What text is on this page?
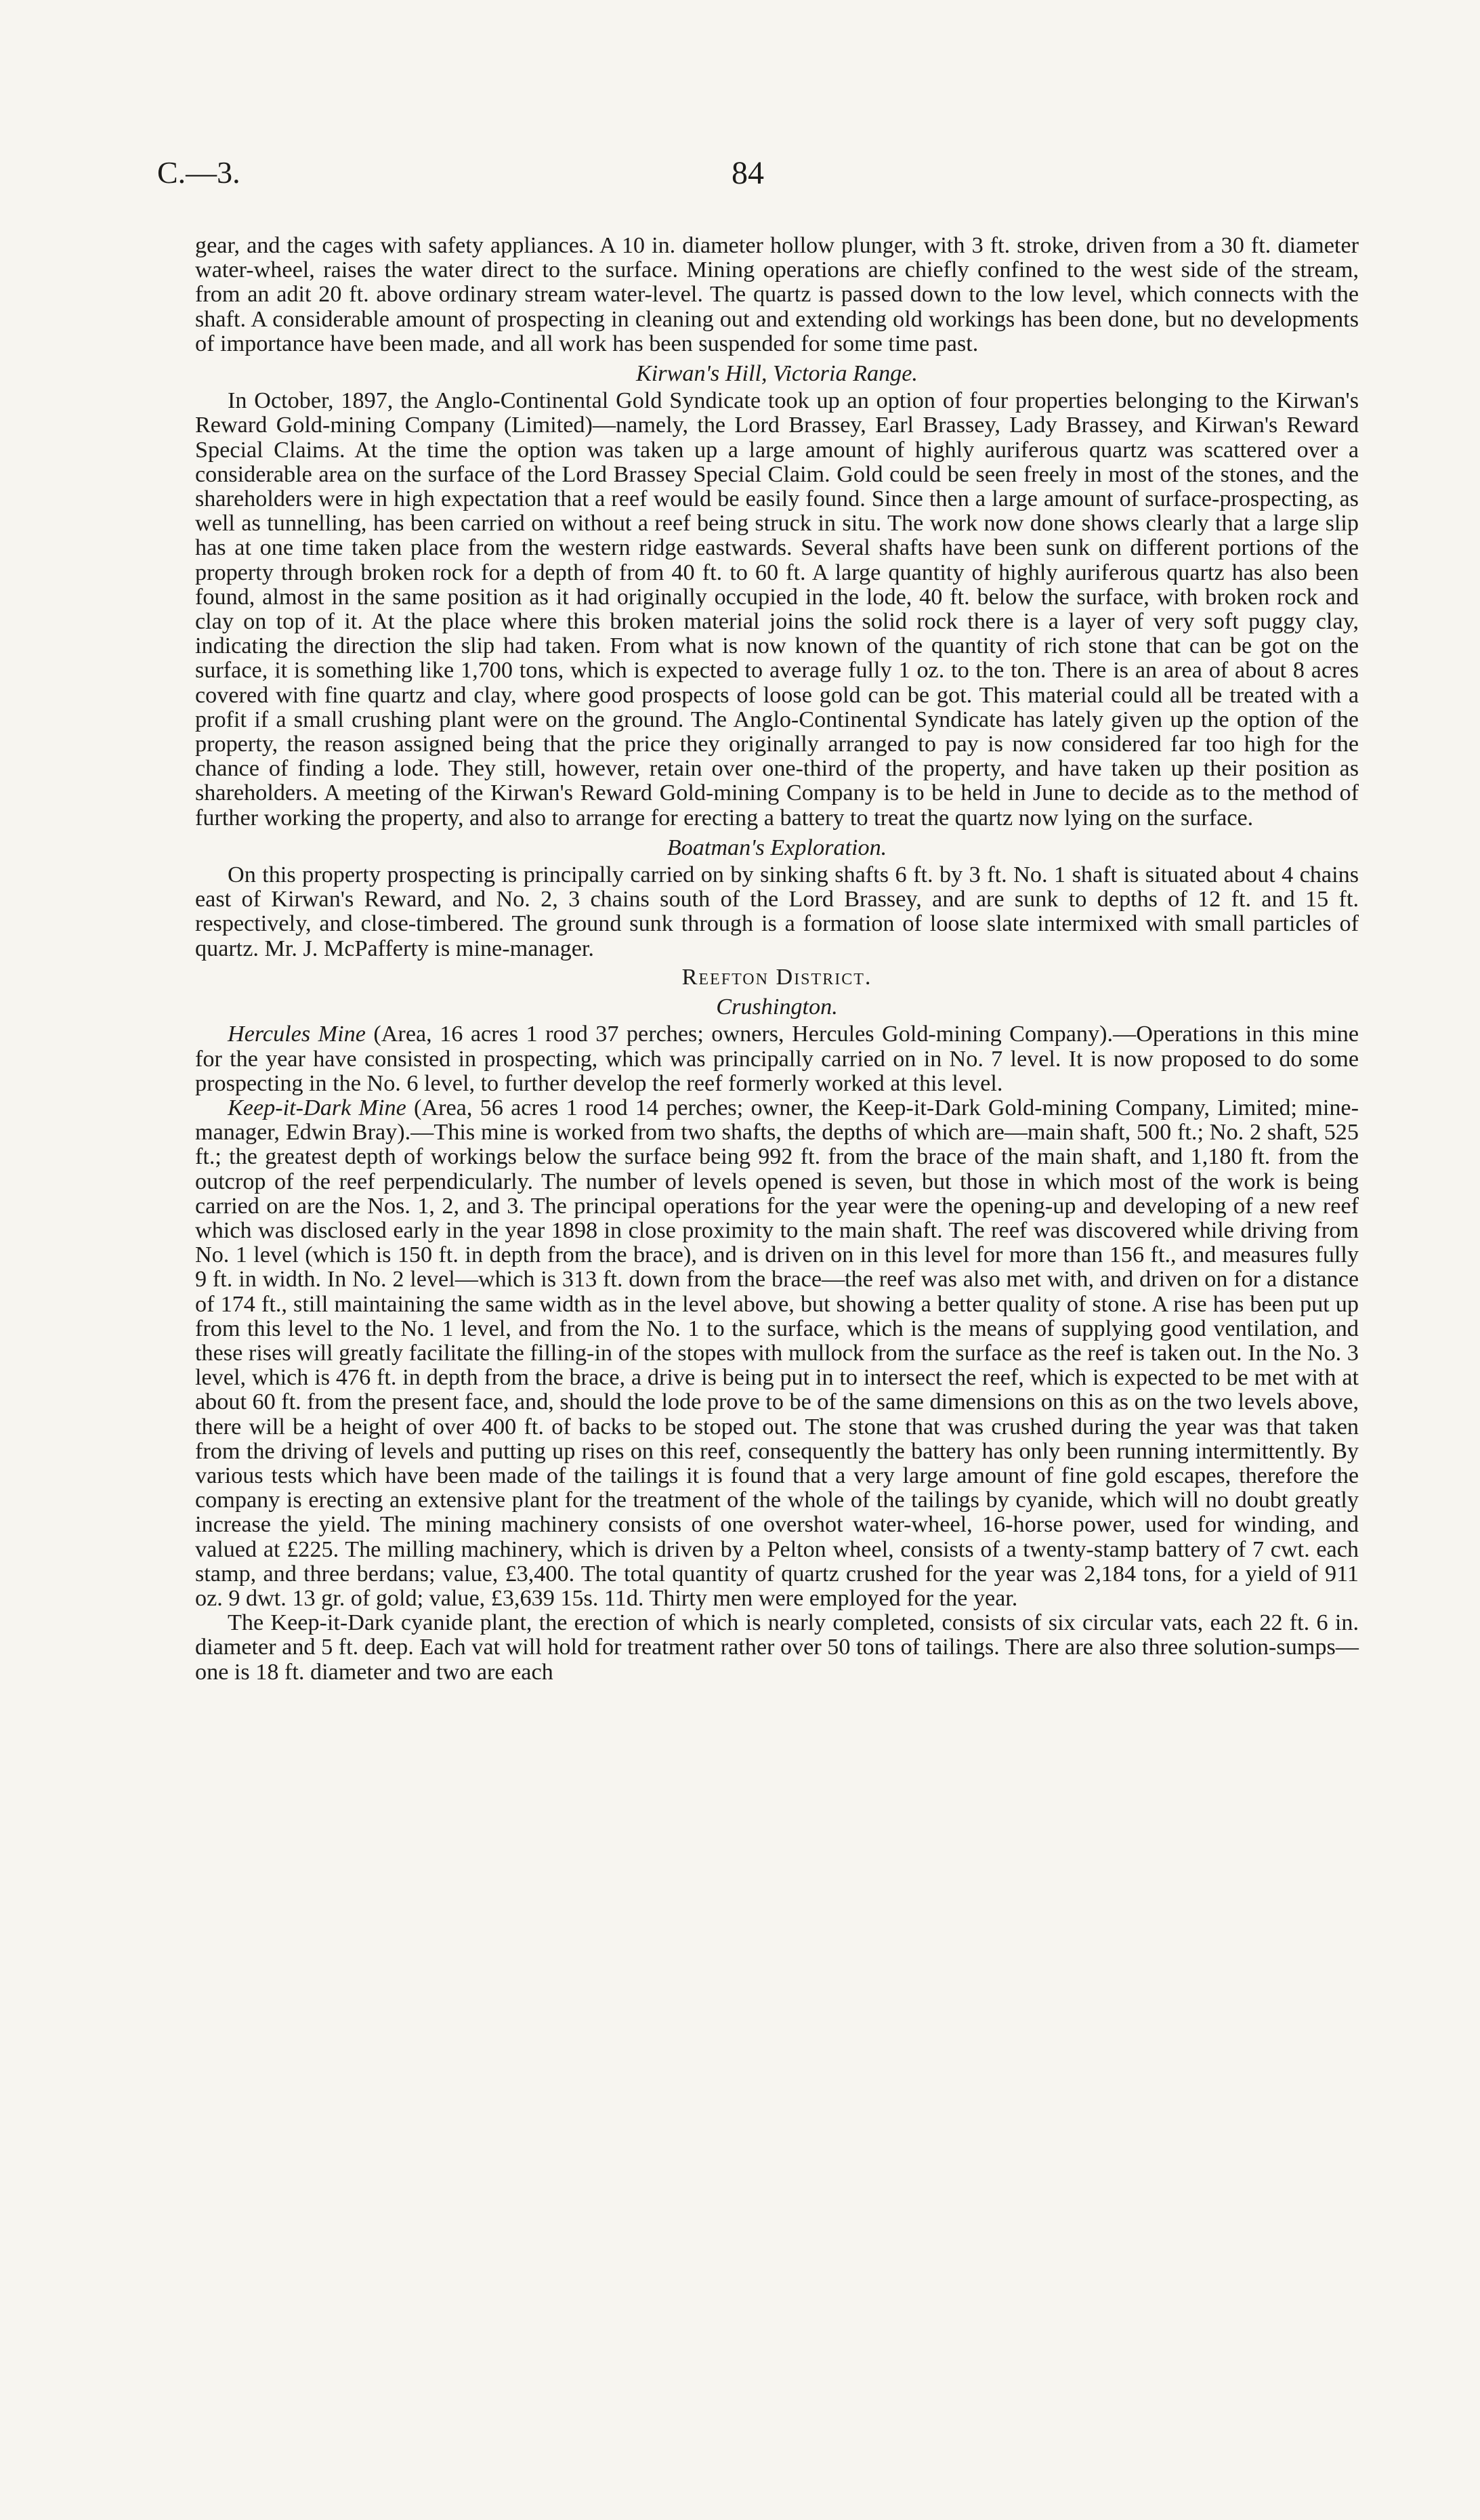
C.—3.	84

gear, and the cages with safety appliances. A 10 in. diameter hollow plunger, with 3 ft. stroke, driven from a 30 ft. diameter water-wheel, raises the water direct to the surface. Mining operations are chiefly confined to the west side of the stream, from an adit 20 ft. above ordinary stream water-level. The quartz is passed down to the low level, which connects with the shaft. A considerable amount of prospecting in cleaning out and extending old workings has been done, but no developments of importance have been made, and all work has been suspended for some time past.

Kirwan's Hill, Victoria Range.

In October, 1897, the Anglo-Continental Gold Syndicate took up an option of four properties belonging to the Kirwan's Reward Gold-mining Company (Limited)—namely, the Lord Brassey, Earl Brassey, Lady Brassey, and Kirwan's Reward Special Claims. At the time the option was taken up a large amount of highly auriferous quartz was scattered over a considerable area on the surface of the Lord Brassey Special Claim. Gold could be seen freely in most of the stones, and the shareholders were in high expectation that a reef would be easily found. Since then a large amount of surface-prospecting, as well as tunnelling, has been carried on without a reef being struck in situ. The work now done shows clearly that a large slip has at one time taken place from the western ridge eastwards. Several shafts have been sunk on different portions of the property through broken rock for a depth of from 40 ft. to 60 ft. A large quantity of highly auriferous quartz has also been found, almost in the same position as it had originally occupied in the lode, 40 ft. below the surface, with broken rock and clay on top of it. At the place where this broken material joins the solid rock there is a layer of very soft puggy clay, indicating the direction the slip had taken. From what is now known of the quantity of rich stone that can be got on the surface, it is something like 1,700 tons, which is expected to average fully 1 oz. to the ton. There is an area of about 8 acres covered with fine quartz and clay, where good prospects of loose gold can be got. This material could all be treated with a profit if a small crushing plant were on the ground. The Anglo-Continental Syndicate has lately given up the option of the property, the reason assigned being that the price they originally arranged to pay is now considered far too high for the chance of finding a lode. They still, however, retain over one-third of the property, and have taken up their position as shareholders. A meeting of the Kirwan's Reward Gold-mining Company is to be held in June to decide as to the method of further working the property, and also to arrange for erecting a battery to treat the quartz now lying on the surface.

Boatman's Exploration.

On this property prospecting is principally carried on by sinking shafts 6 ft. by 3 ft. No. 1 shaft is situated about 4 chains east of Kirwan's Reward, and No. 2, 3 chains south of the Lord Brassey, and are sunk to depths of 12 ft. and 15 ft. respectively, and close-timbered. The ground sunk through is a formation of loose slate intermixed with small particles of quartz. Mr. J. McPafferty is mine-manager.

Reefton District.
Crushington.

Hercules Mine (Area, 16 acres 1 rood 37 perches; owners, Hercules Gold-mining Company).—Operations in this mine for the year have consisted in prospecting, which was principally carried on in No. 7 level. It is now proposed to do some prospecting in the No. 6 level, to further develop the reef formerly worked at this level.

Keep-it-Dark Mine (Area, 56 acres 1 rood 14 perches; owner, the Keep-it-Dark Gold-mining Company, Limited; mine-manager, Edwin Bray).—This mine is worked from two shafts, the depths of which are—main shaft, 500 ft.; No. 2 shaft, 525 ft.; the greatest depth of workings below the surface being 992 ft. from the brace of the main shaft, and 1,180 ft. from the outcrop of the reef perpendicularly. The number of levels opened is seven, but those in which most of the work is being carried on are the Nos. 1, 2, and 3. The principal operations for the year were the opening-up and developing of a new reef which was disclosed early in the year 1898 in close proximity to the main shaft. The reef was discovered while driving from No. 1 level (which is 150 ft. in depth from the brace), and is driven on in this level for more than 156 ft., and measures fully 9 ft. in width. In No. 2 level—which is 313 ft. down from the brace—the reef was also met with, and driven on for a distance of 174 ft., still maintaining the same width as in the level above, but showing a better quality of stone. A rise has been put up from this level to the No. 1 level, and from the No. 1 to the surface, which is the means of supplying good ventilation, and these rises will greatly facilitate the filling-in of the stopes with mullock from the surface as the reef is taken out. In the No. 3 level, which is 476 ft. in depth from the brace, a drive is being put in to intersect the reef, which is expected to be met with at about 60 ft. from the present face, and, should the lode prove to be of the same dimensions on this as on the two levels above, there will be a height of over 400 ft. of backs to be stoped out. The stone that was crushed during the year was that taken from the driving of levels and putting up rises on this reef, consequently the battery has only been running intermittently. By various tests which have been made of the tailings it is found that a very large amount of fine gold escapes, therefore the company is erecting an extensive plant for the treatment of the whole of the tailings by cyanide, which will no doubt greatly increase the yield. The mining machinery consists of one overshot water-wheel, 16-horse power, used for winding, and valued at £225. The milling machinery, which is driven by a Pelton wheel, consists of a twenty-stamp battery of 7 cwt. each stamp, and three berdans; value, £3,400. The total quantity of quartz crushed for the year was 2,184 tons, for a yield of 911 oz. 9 dwt. 13 gr. of gold; value, £3,639 15s. 11d. Thirty men were employed for the year.

The Keep-it-Dark cyanide plant, the erection of which is nearly completed, consists of six circular vats, each 22 ft. 6 in. diameter and 5 ft. deep. Each vat will hold for treatment rather over 50 tons of tailings. There are also three solution-sumps—one is 18 ft. diameter and two are each
